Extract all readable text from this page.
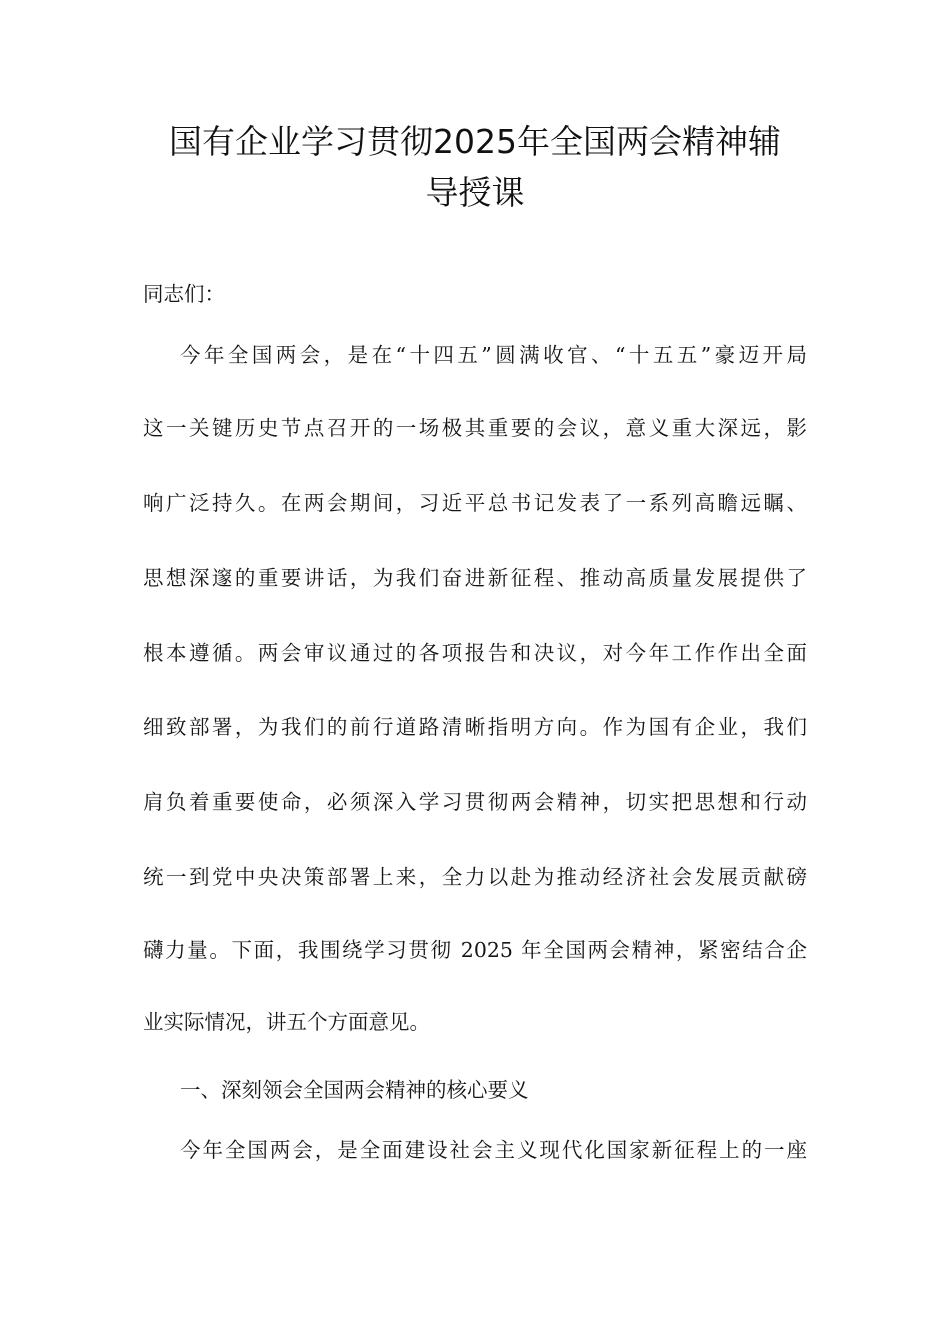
国有企业学习贯彻2025年全国两会精神辅
导授课
同志们：
今年全国两会，是在“十四五”圆满收官、“十五五”豪迈开局
这一关键历史节点召开的一场极其重要的会议，意义重大深远，影
响广泛持久。在两会期间，习近平总书记发表了一系列高瞻远瞩、
思想深邃的重要讲话，为我们奋进新征程、推动高质量发展提供了
根本遵循。两会审议通过的各项报告和决议，对今年工作作出全面
细致部署，为我们的前行道路清晰指明方向。作为国有企业，我们
肩负着重要使命，必须深入学习贯彻两会精神，切实把思想和行动
统一到党中央决策部署上来，全力以赴为推动经济社会发展贡献磅
礴力量。下面，我围绕学习贯彻 2025 年全国两会精神，紧密结合企
业实际情况，讲五个方面意见。
一、深刻领会全国两会精神的核心要义
今年全国两会，是全面建设社会主义现代化国家新征程上的一座
